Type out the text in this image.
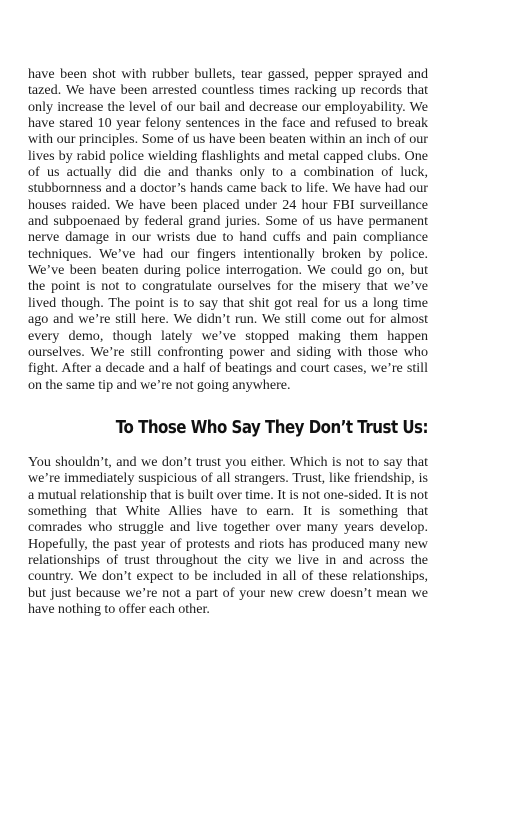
have been shot with rubber bullets, tear gassed, pepper sprayed and tazed. We have been arrested countless times racking up records that only increase the level of our bail and decrease our employability. We have stared 10 year felony sentences in the face and refused to break with our principles. Some of us have been beaten within an inch of our lives by rabid police wielding flashlights and metal capped clubs. One of us actually did die and thanks only to a combination of luck, stubbornness and a doctor’s hands came back to life. We have had our houses raided. We have been placed under 24 hour FBI surveillance and subpoenaed by federal grand juries. Some of us have permanent nerve damage in our wrists due to hand cuffs and pain compliance techniques. We’ve had our fingers intentionally broken by police. We’ve been beaten during police interrogation. We could go on, but the point is not to congratulate ourselves for the misery that we’ve lived though. The point is to say that shit got real for us a long time ago and we’re still here. We didn’t run. We still come out for almost every demo, though lately we’ve stopped making them happen ourselves. We’re still confronting power and siding with those who fight. After a decade and a half of beatings and court cases, we’re still on the same tip and we’re not going anywhere.

To Those Who Say They Don’t Trust Us:

You shouldn’t, and we don’t trust you either. Which is not to say that we’re immediately suspicious of all strangers. Trust, like friendship, is a mutual relationship that is built over time. It is not one-sided. It is not something that White Allies have to earn. It is something that comrades who struggle and live together over many years develop. Hopefully, the past year of protests and riots has produced many new relationships of trust throughout the city we live in and across the country. We don’t expect to be included in all of these relationships, but just because we’re not a part of your new crew doesn’t mean we have nothing to offer each other.
